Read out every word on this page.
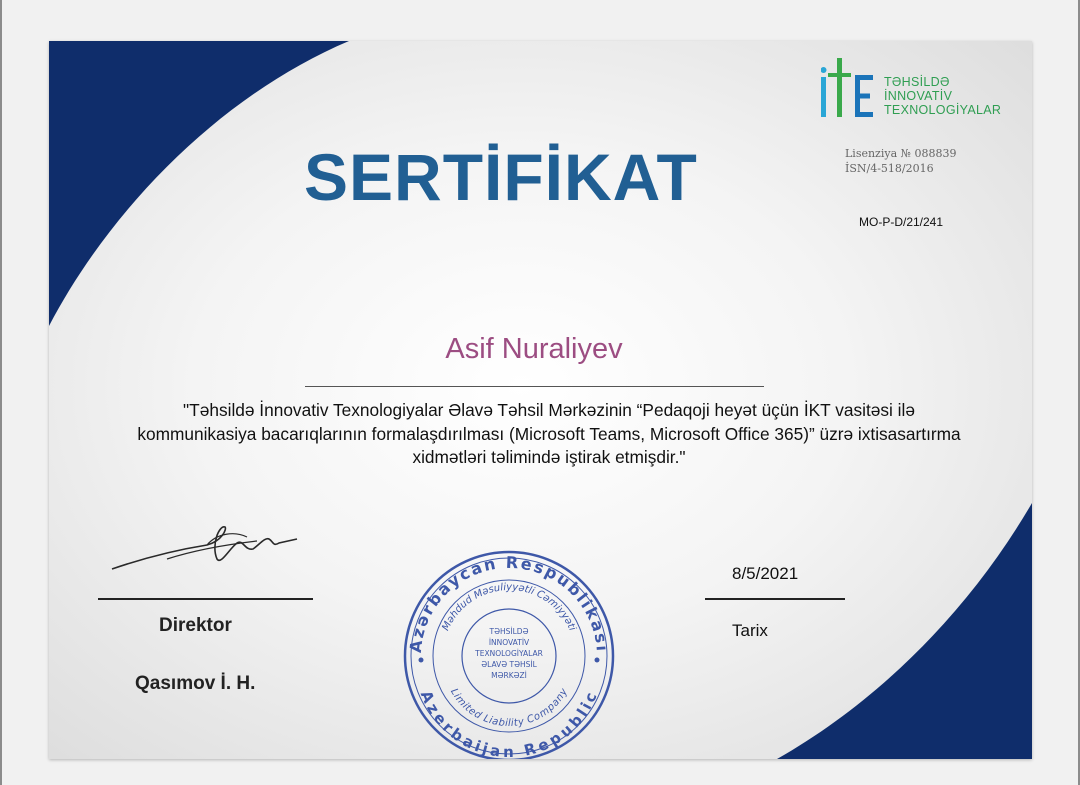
TƏHSİLDƏ
İNNOVATİV
TEXNOLOGİYALAR
Lisenziya № 088839
İSN/4-518/2016
MO-P-D/21/241
SERTİFİKAT
Asif Nuraliyev
"Təhsildə İnnovativ Texnologiyalar Əlavə Təhsil Mərkəzinin “Pedaqoji heyət üçün İKT vasitəsi ilə kommunikasiya bacarıqlarının formalaşdırılması (Microsoft Teams, Microsoft Office 365)” üzrə ixtisasartırma xidmətləri təlimində iştirak etmişdir."
Direktor
Qasımov İ. H.
8/5/2021
Tarix
Azərbaycan Respublikası
Azerbaijan Republic
Məhdud Məsuliyyətli Cəmiyyəti
Limited Liability Company
TƏHSİLDƏ
İNNOVATİV
TEXNOLOGİYALAR
ƏLAVƏ TƏHSİL
MƏRKƏZİ
